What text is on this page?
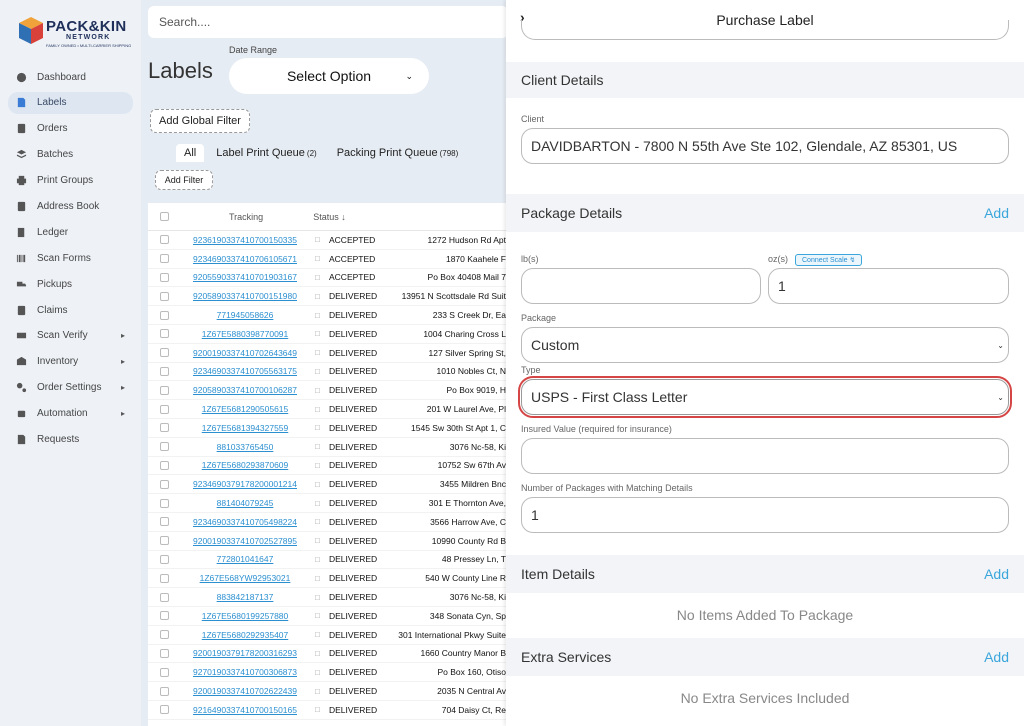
PACK&KIN
NETWORK
FAMILY OWNED • MULTI-CARRIER SHIPPING
Dashboard
Labels
Orders
Batches
Print Groups
Address Book
Ledger
Scan Forms
Pickups
Claims
Scan Verify	▸
Inventory	▸
Order Settings ▸
Automation	▸
Requests
Search....
Labels
Date Range
Select Option	⌄
Add Global Filter
All	Label Print Queue (2)	Packing Print Queue (798)
Add Filter
Tracking	Status ↓
9236190337410700150335	□	ACCEPTED	1272 Hudson Rd Apt
9234690337410706105671	□	ACCEPTED	1870 Kaahele F
9205590337410701903167	□	ACCEPTED	Po Box 40408 Mail 7
9205890337410700151980	□	DELIVERED	13951 N Scottsdale Rd Suit
771945058626	□	DELIVERED	233 S Creek Dr, Ea
1Z67E5880398770091	□	DELIVERED	1004 Charing Cross L
9200190337410702643649	□	DELIVERED	127 Silver Spring St,
9234690337410705563175	□	DELIVERED	1010 Nobles Ct, N
9205890337410700106287	□	DELIVERED	Po Box 9019, H
1Z67E5681290505615	□	DELIVERED	201 W Laurel Ave, Pl
1Z67E5681394327559	□	DELIVERED	1545 Sw 30th St Apt 1, C
881033765450	□	DELIVERED	3076 Nc-58, Ki
1Z67E5680293870609	□	DELIVERED	10752 Sw 67th Av
9234690379178200001214	□	DELIVERED	3455 Mildren Bnc
881404079245	□	DELIVERED	301 E Thornton Ave,
9234690337410705498224	□	DELIVERED	3566 Harrow Ave, C
9200190337410702527895	□	DELIVERED	10990 County Rd B
772801041647	□	DELIVERED	48 Pressey Ln, T
1Z67E568YW92953021	□	DELIVERED	540 W County Line R
883842187137	□	DELIVERED	3076 Nc-58, Ki
1Z67E5680199257880	□	DELIVERED	348 Sonata Cyn, Sp
1Z67E5680292935407	□	DELIVERED	301 International Pkwy Suite
9200190379178200316293	□	DELIVERED	1660 Country Manor B
9270190337410700306873	□	DELIVERED	Po Box 160, Otiso
9200190337410702622439	□	DELIVERED	2035 N Central Av
9216490337410700150165	□	DELIVERED	704 Daisy Ct, Re
›	Purchase Label
Client Details
Client
DAVIDBARTON - 7800 N 55th Ave Ste 102, Glendale, AZ 85301, US
Package Details	Add
lb(s)	oz(s) Connect Scale
↯
1
Package
Custom	⌄
Type
USPS - First Class Letter	⌄
Insured Value (required for insurance)
Number of Packages with Matching Details
1
Item Details	Add
No Items Added To Package
Extra Services	Add
No Extra Services Included
